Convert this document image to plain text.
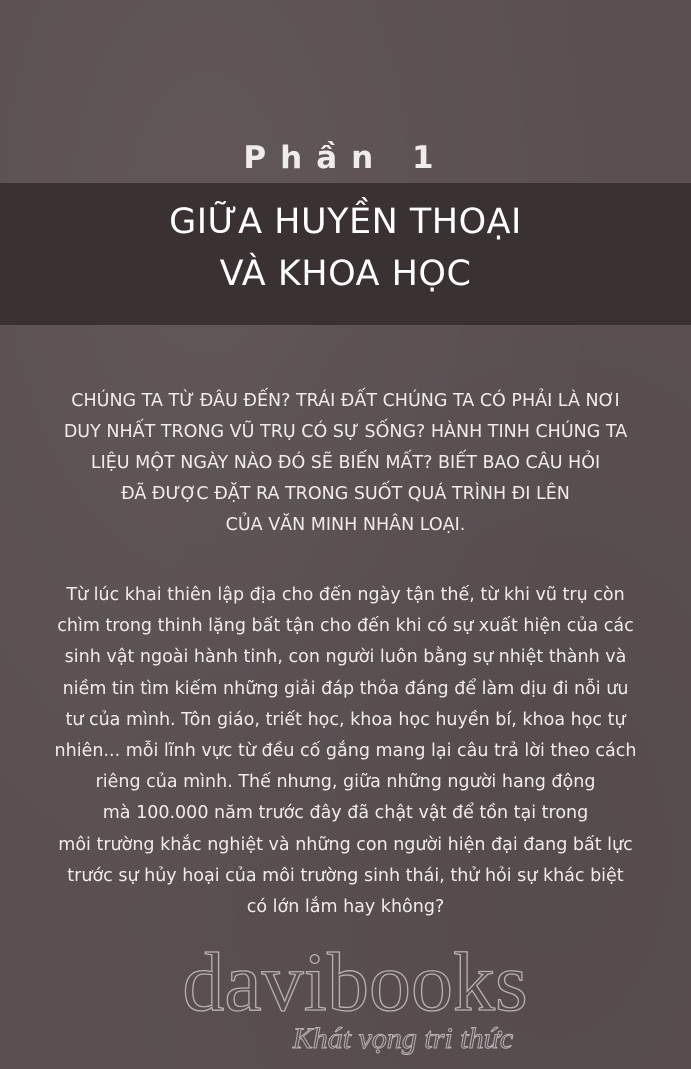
Phần 1
GIỮA HUYỀN THOẠI
VÀ KHOA HỌC
CHÚNG TA TỪ ĐÂU ĐẾN? TRÁI ĐẤT CHÚNG TA CÓ PHẢI LÀ NƠI
DUY NHẤT TRONG VŨ TRỤ CÓ SỰ SỐNG? HÀNH TINH CHÚNG TA
LIỆU MỘT NGÀY NÀO ĐÓ SẼ BIẾN MẤT? BIẾT BAO CÂU HỎI
ĐÃ ĐƯỢC ĐẶT RA TRONG SUỐT QUÁ TRÌNH ĐI LÊN
CỦA VĂN MINH NHÂN LOẠI.
Từ lúc khai thiên lập địa cho đến ngày tận thế, từ khi vũ trụ còn
chìm trong thinh lặng bất tận cho đến khi có sự xuất hiện của các
sinh vật ngoài hành tinh, con người luôn bằng sự nhiệt thành và
niềm tin tìm kiếm những giải đáp thỏa đáng để làm dịu đi nỗi ưu
tư của mình. Tôn giáo, triết học, khoa học huyền bí, khoa học tự
nhiên... mỗi lĩnh vực từ đều cố gắng mang lại câu trả lời theo cách
riêng của mình. Thế nhưng, giữa những người hang động
mà 100.000 năm trước đây đã chật vật để tồn tại trong
môi trường khắc nghiệt và những con người hiện đại đang bất lực
trước sự hủy hoại của môi trường sinh thái, thử hỏi sự khác biệt
có lớn lắm hay không?
davibooks
Khát vọng tri thức
